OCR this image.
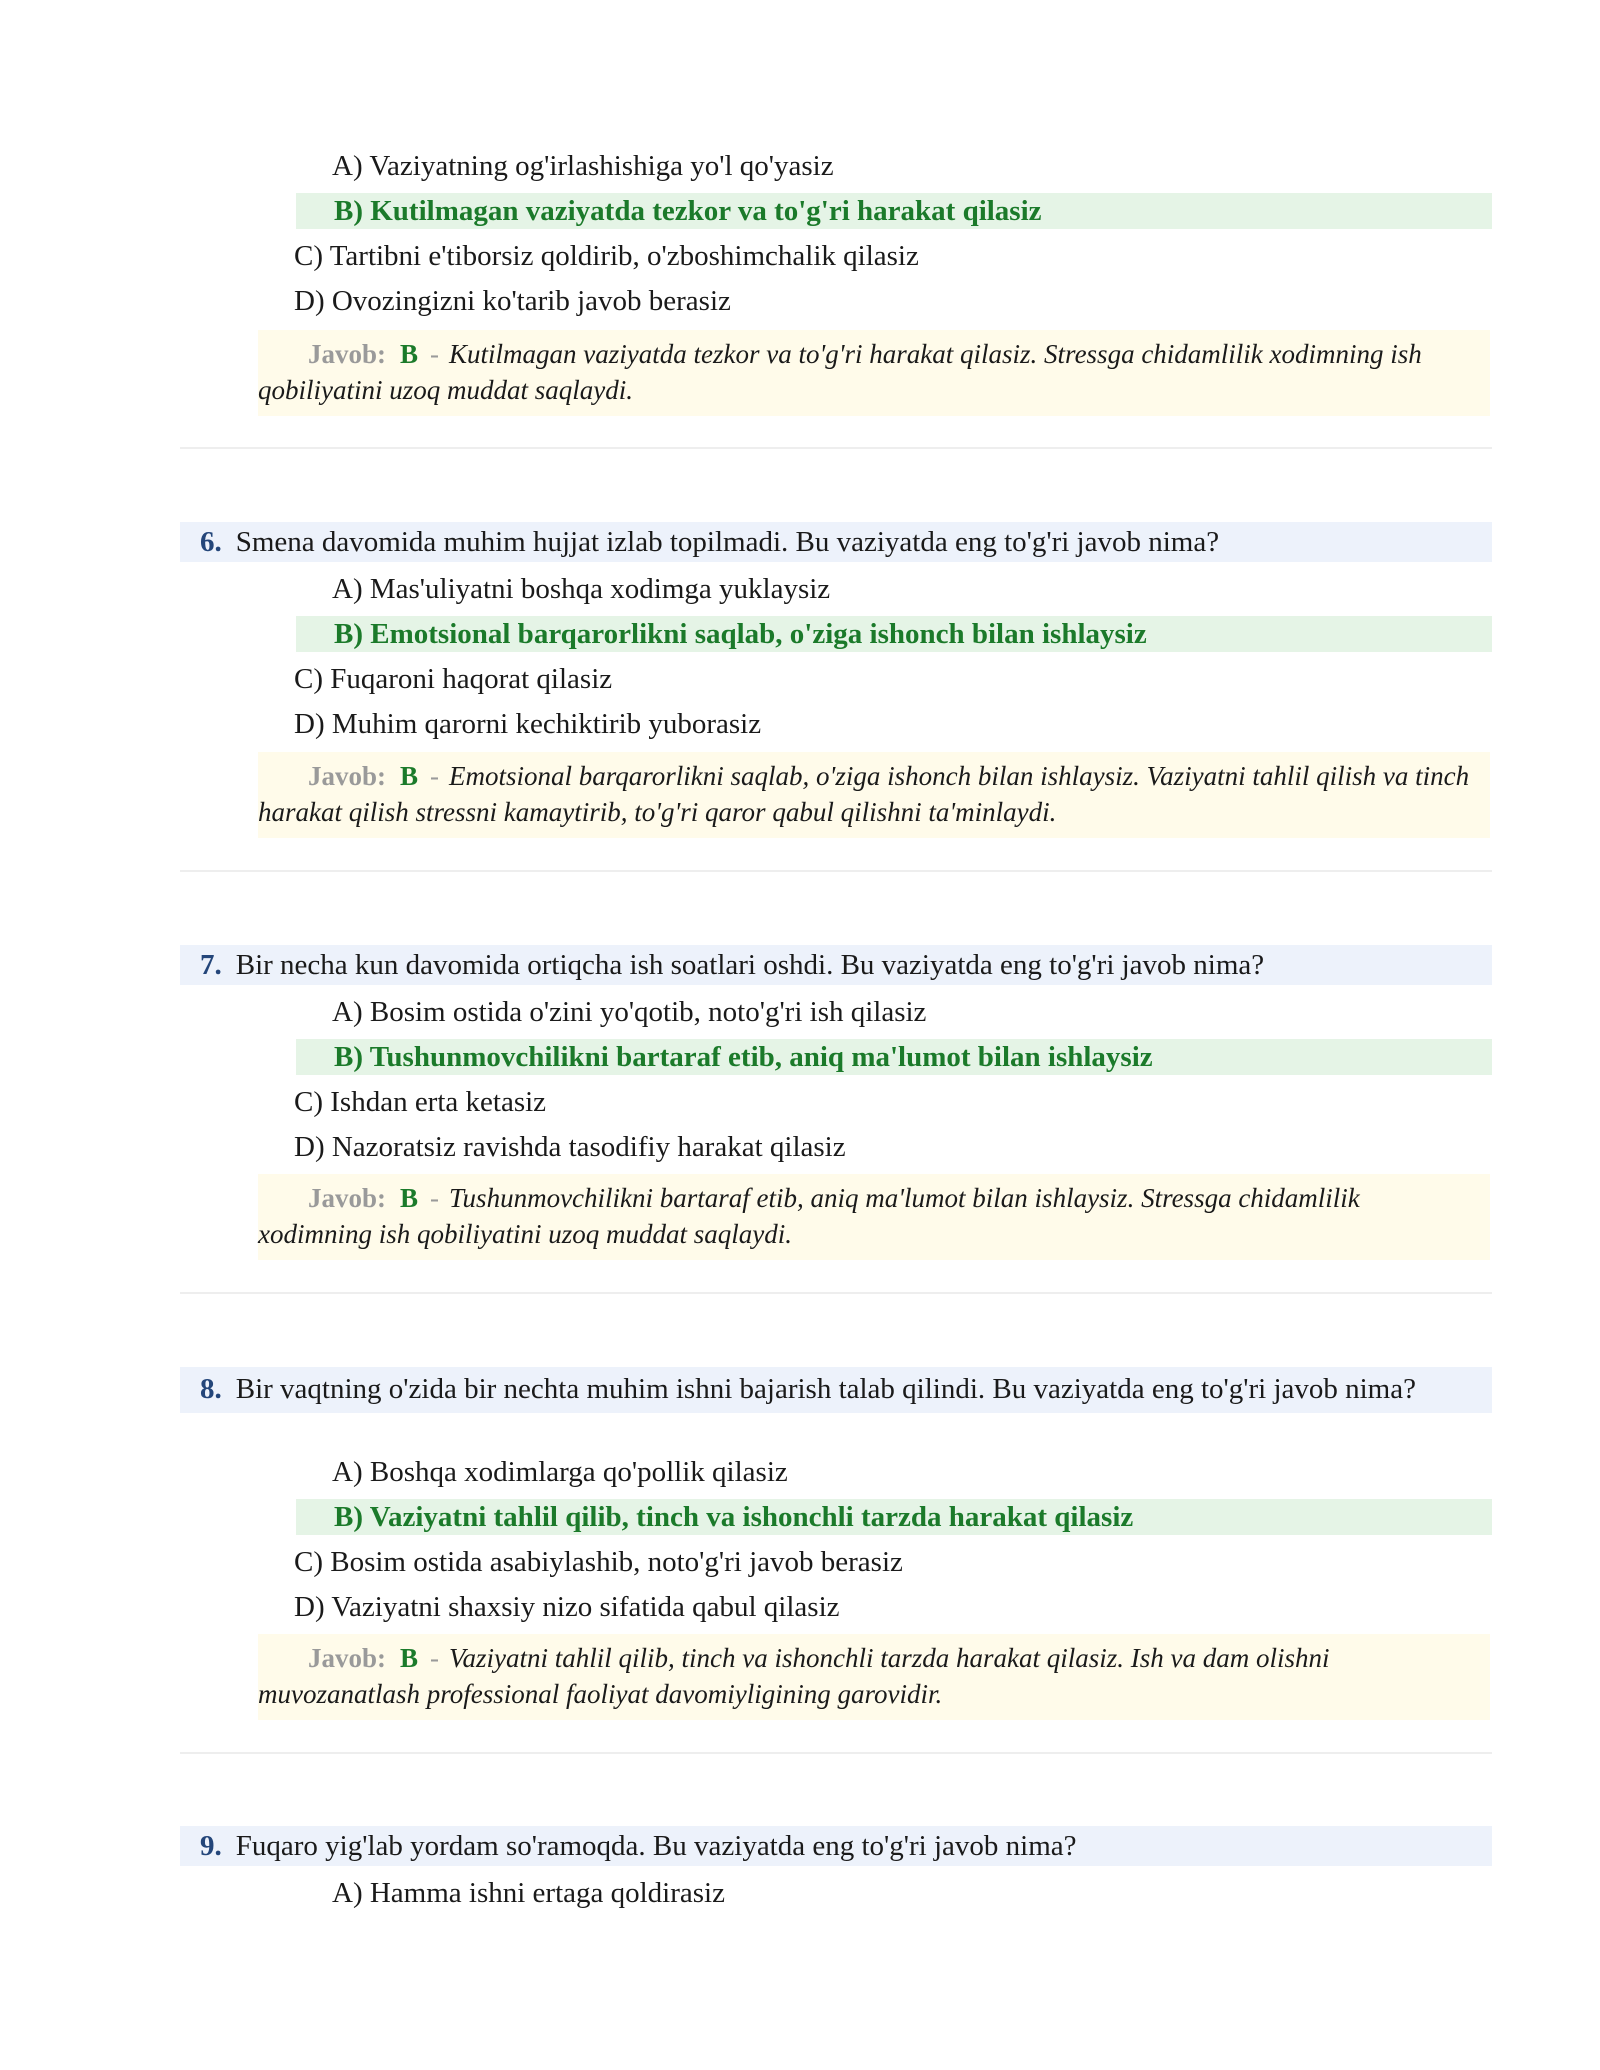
A) Vaziyatning og'irlashishiga yo'l qo'yasiz
B) Kutilmagan vaziyatda tezkor va to'g'ri harakat qilasiz
C) Tartibni e'tiborsiz qoldirib, o'zboshimchalik qilasiz
D) Ovozingizni ko'tarib javob berasiz
Javob: B - Kutilmagan vaziyatda tezkor va to'g'ri harakat qilasiz. Stressga chidamlilik xodimning ish qobiliyatini uzoq muddat saqlaydi.
6. Smena davomida muhim hujjat izlab topilmadi. Bu vaziyatda eng to'g'ri javob nima?
A) Mas'uliyatni boshqa xodimga yuklaysiz
B) Emotsional barqarorlikni saqlab, o'ziga ishonch bilan ishlaysiz
C) Fuqaroni haqorat qilasiz
D) Muhim qarorni kechiktirib yuborasiz
Javob: B - Emotsional barqarorlikni saqlab, o'ziga ishonch bilan ishlaysiz. Vaziyatni tahlil qilish va tinch harakat qilish stressni kamaytirib, to'g'ri qaror qabul qilishni ta'minlaydi.
7. Bir necha kun davomida ortiqcha ish soatlari oshdi. Bu vaziyatda eng to'g'ri javob nima?
A) Bosim ostida o'zini yo'qotib, noto'g'ri ish qilasiz
B) Tushunmovchilikni bartaraf etib, aniq ma'lumot bilan ishlaysiz
C) Ishdan erta ketasiz
D) Nazoratsiz ravishda tasodifiy harakat qilasiz
Javob: B - Tushunmovchilikni bartaraf etib, aniq ma'lumot bilan ishlaysiz. Stressga chidamlilik xodimning ish qobiliyatini uzoq muddat saqlaydi.
8. Bir vaqtning o'zida bir nechta muhim ishni bajarish talab qilindi. Bu vaziyatda eng to'g'ri javob nima?
A) Boshqa xodimlarga qo'pollik qilasiz
B) Vaziyatni tahlil qilib, tinch va ishonchli tarzda harakat qilasiz
C) Bosim ostida asabiylashib, noto'g'ri javob berasiz
D) Vaziyatni shaxsiy nizo sifatida qabul qilasiz
Javob: B - Vaziyatni tahlil qilib, tinch va ishonchli tarzda harakat qilasiz. Ish va dam olishni muvozanatlash professional faoliyat davomiyligining garovidir.
9. Fuqaro yig'lab yordam so'ramoqda. Bu vaziyatda eng to'g'ri javob nima?
A) Hamma ishni ertaga qoldirasiz
